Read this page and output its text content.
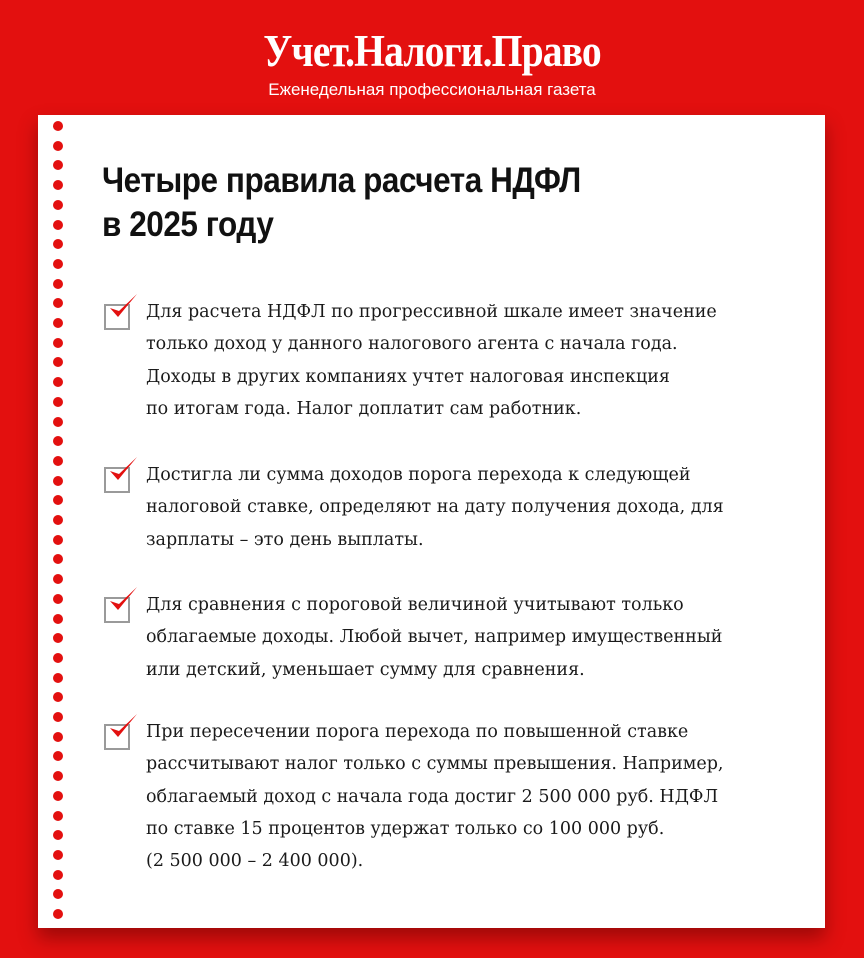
Учет.Налоги.Право
Еженедельная профессиональная газета
Четыре правила расчета НДФЛ
в 2025 году

Для расчета НДФЛ по прогрессивной шкале имеет значение
только доход у данного налогового агента с начала года.
Доходы в других компаниях учтет налоговая инспекция
по итогам года. Налог доплатит сам работник.

Достигла ли сумма доходов порога перехода к следующей
налоговой ставке, определяют на дату получения дохода, для
зарплаты – это день выплаты.

Для сравнения с пороговой величиной учитывают только
облагаемые доходы. Любой вычет, например имущественный
или детский, уменьшает сумму для сравнения.

При пересечении порога перехода по повышенной ставке
рассчитывают налог только с суммы превышения. Например,
облагаемый доход с начала года достиг 2 500 000 руб. НДФЛ
по ставке 15 процентов удержат только со 100 000 руб.
(2 500 000 – 2 400 000).
